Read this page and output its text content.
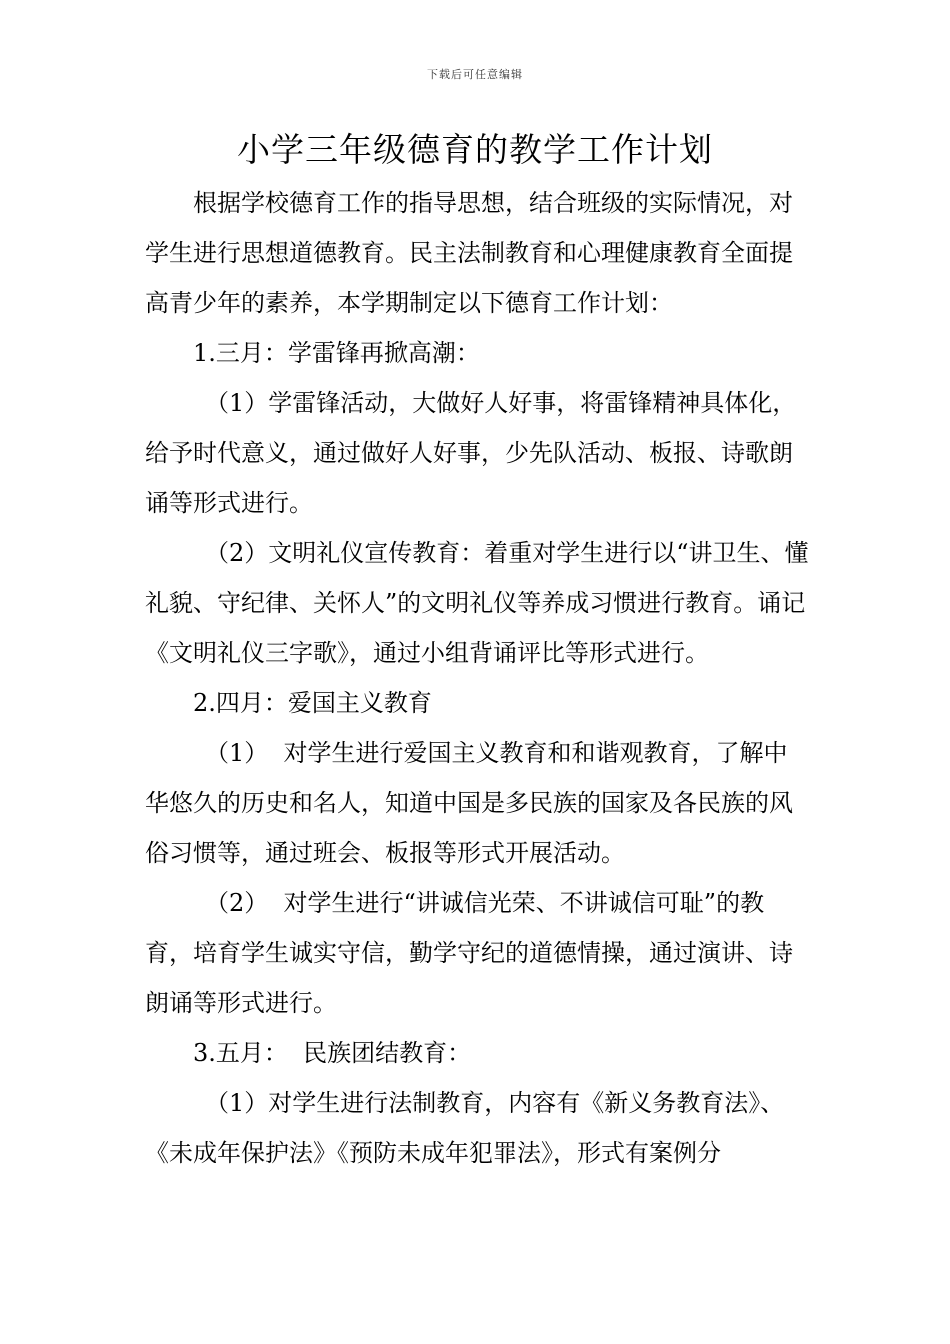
下载后可任意编辑
小学三年级德育的教学工作计划

根据学校德育工作的指导思想，结合班级的实际情况，对学生进行思想道德教育。民主法制教育和心理健康教育全面提高青少年的素养，本学期制定以下德育工作计划：

1.三月：学雷锋再掀高潮：

（1）学雷锋活动，大做好人好事，将雷锋精神具体化，给予时代意义，通过做好人好事，少先队活动、板报、诗歌朗诵等形式进行。

（2）文明礼仪宣传教育：着重对学生进行以“讲卫生、懂礼貌、守纪律、关怀人”的文明礼仪等养成习惯进行教育。诵记《文明礼仪三字歌》，通过小组背诵评比等形式进行。

2.四月：爱国主义教育

（1）  对学生进行爱国主义教育和和谐观教育，了解中华悠久的历史和名人，知道中国是多民族的国家及各民族的风俗习惯等，通过班会、板报等形式开展活动。

（2）  对学生进行“讲诚信光荣、不讲诚信可耻”的教育，培育学生诚实守信，勤学守纪的道德情操，通过演讲、诗朗诵等形式进行。

3.五月：  民族团结教育：

（1）对学生进行法制教育，内容有《新义务教育法》、《未成年保护法》《预防未成年犯罪法》，形式有案例分
